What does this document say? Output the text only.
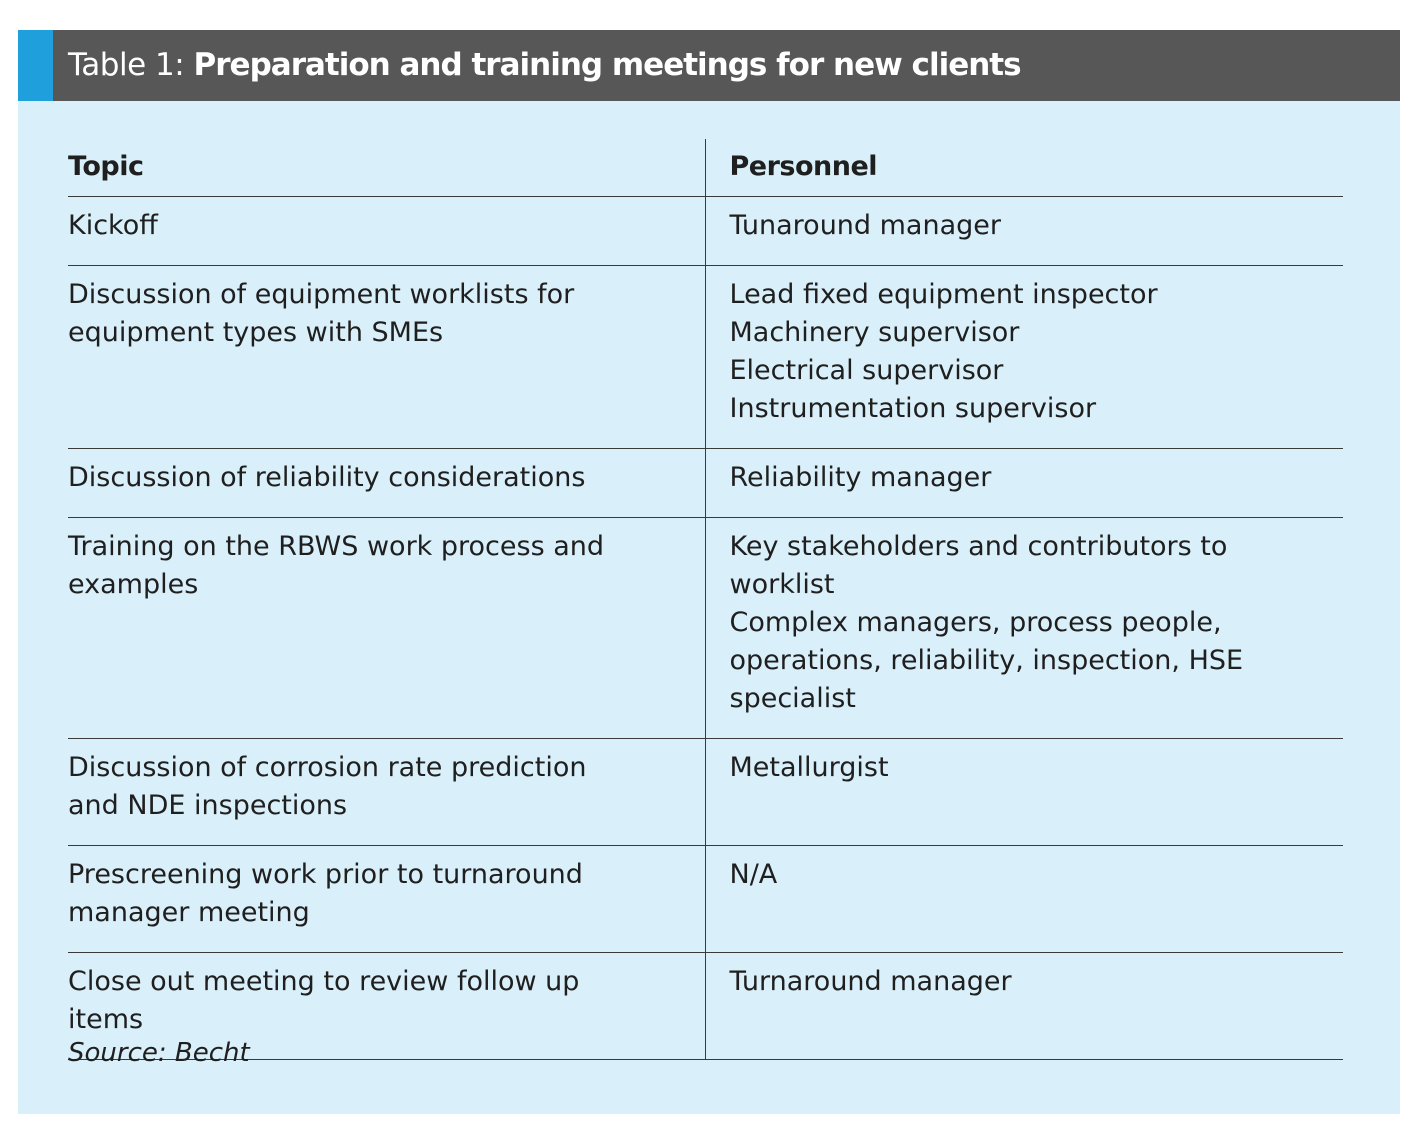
Table 1: Preparation and training meetings for new clients
Topic	Personnel

Kickoff	Tunaround manager

Discussion of equipment worklists for
equipment types with SMEs	Lead fixed equipment inspector
Machinery supervisor
Electrical supervisor
Instrumentation supervisor

Discussion of reliability considerations	Reliability manager

Training on the RBWS work process and
examples	Key stakeholders and contributors to
worklist
Complex managers, process people,
operations, reliability, inspection, HSE
specialist

Discussion of corrosion rate prediction
and NDE inspections	Metallurgist

Prescreening work prior to turnaround
manager meeting	N/A

Close out meeting to review follow up
items	Turnaround manager
Source: Becht
